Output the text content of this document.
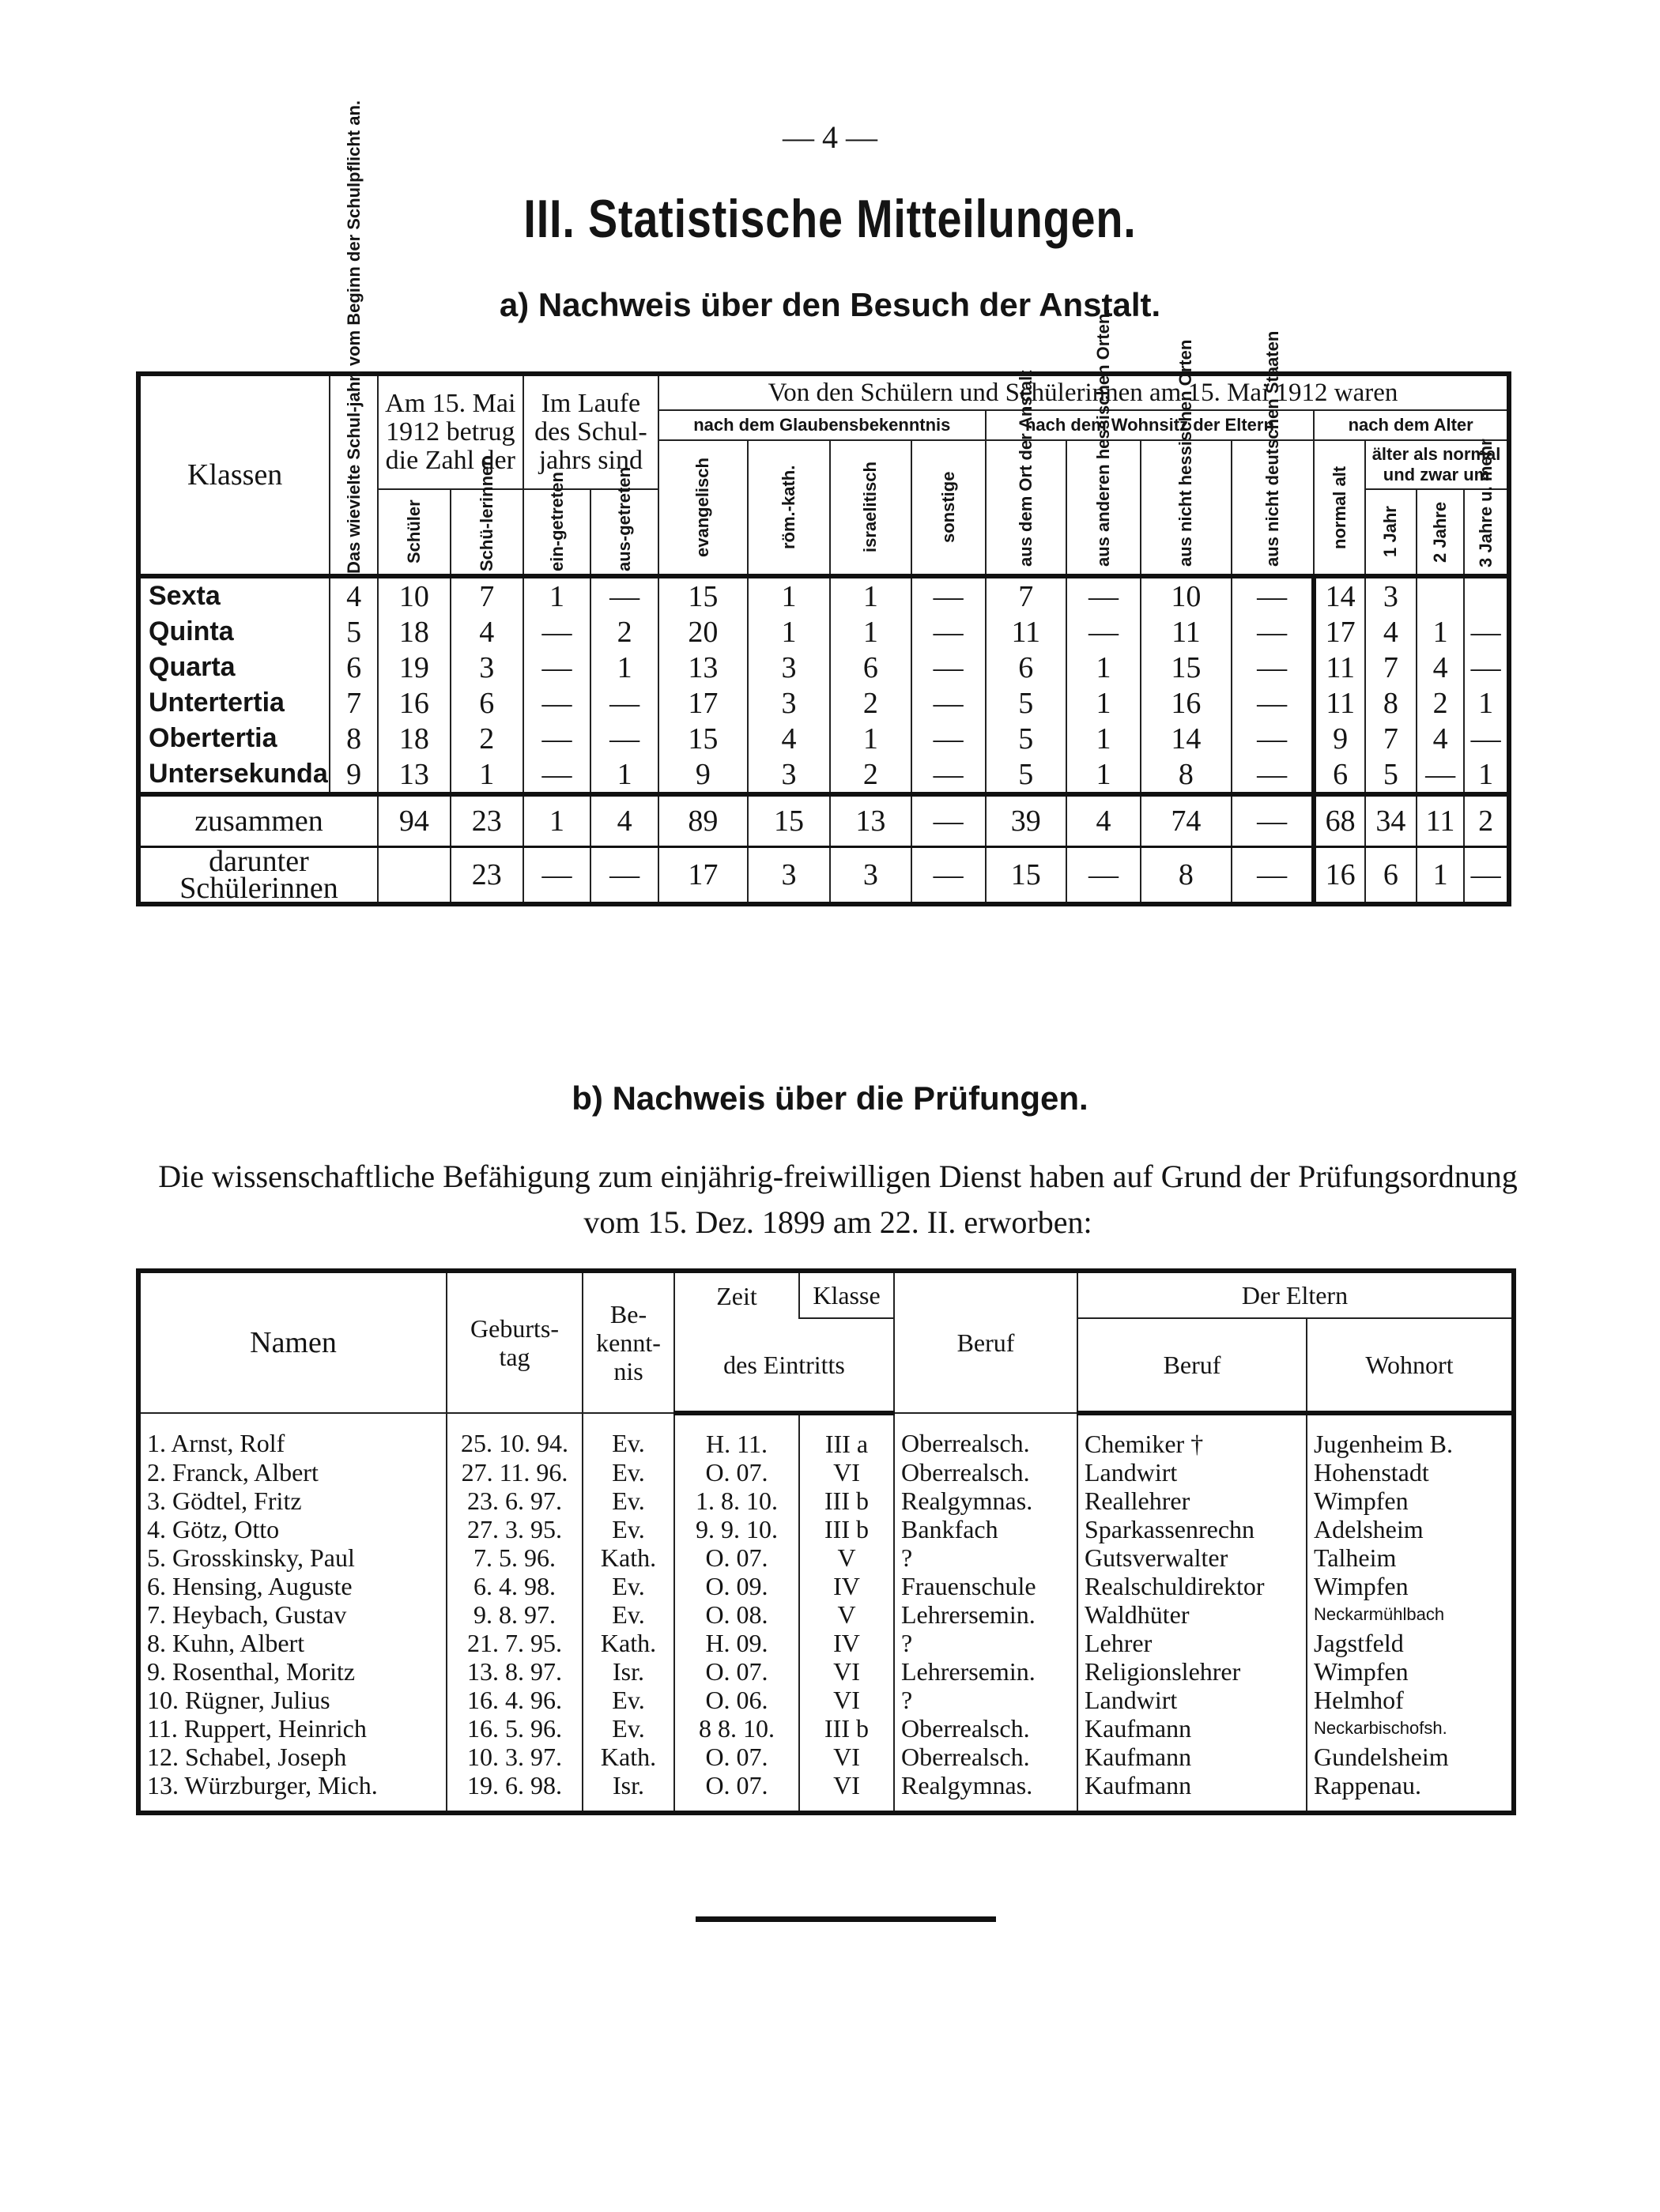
— 4 —
III. Statistische Mitteilungen.
a) Nachweis über den Besuch der Anstalt.
Klassen	Das wievielte Schul-jahr, vom Beginn der Schulpflicht an.	Am 15. Mai 1912 betrug die Zahl der		Im Laufe des Schul-jahrs sind		Von den Schülern und Schülerinnen am 15. Mai 1912 waren											
						nach dem Glaubensbekenntnis				nach dem Wohnsitz der Eltern				nach dem Alter			

						evangelisch	röm.-kath.	israelitisch	sonstige	aus dem Ort der Anstalt	aus anderen hessischen Orten.	aus nicht hessischen Orten	aus nicht deutschen Staaten	normal alt	älter als normal und zwar um		

		Schüler	Schü-lerinnen	ein-getreten	aus-getreten										1 Jahr	2 Jahre	3 Jahre u. mehr

Sexta	4	10	7	1	—	15	1	1	—	7	—	10	—	14	3		
Quinta	5	18	4	—	2	20	1	1	—	11	—	11	—	17	4	1	—
Quarta	6	19	3	—	1	13	3	6	—	6	1	15	—	11	7	4	—
Untertertia	7	16	6	—	—	17	3	2	—	5	1	16	—	11	8	2	1
Obertertia	8	18	2	—	—	15	4	1	—	5	1	14	—	9	7	4	—
Untersekunda	9	13	1	—	1	9	3	2	—	5	1	8	—	6	5	—	1
zusammen		94	23	1	4	89	15	13	—	39	4	74	—	68	34	11	2
darunter Schülerinnen			23	—	—	17	3	3	—	15	—	8	—	16	6	1	—
b) Nachweis über die Prüfungen.
Die wissenschaftliche Befähigung zum einjährig-freiwilligen Dienst haben auf Grund der Prüfungsordnung vom 15. Dez. 1899 am 22. II. erworben:
Namen	Geburts-tag	Be-kennt-nis	Zeit	Klasse	Beruf	Der Eltern	
			des Eintritts			Beruf	Wohnort
1. Arnst, Rolf	25. 10. 94.	Ev.	H. 11.	III a	Oberrealsch.	Chemiker †	Jugenheim B.
2. Franck, Albert	27. 11. 96.	Ev.	O. 07.	VI	Oberrealsch.	Landwirt	Hohenstadt
3. Gödtel, Fritz	23. 6. 97.	Ev.	1. 8. 10.	III b	Realgymnas.	Reallehrer	Wimpfen
4. Götz, Otto	27. 3. 95.	Ev.	9. 9. 10.	III b	Bankfach	Sparkassenrechn	Adelsheim
5. Grosskinsky, Paul	7. 5. 96.	Kath.	O. 07.	V	?	Gutsverwalter	Talheim
6. Hensing, Auguste	6. 4. 98.	Ev.	O. 09.	IV	Frauenschule	Realschuldirektor	Wimpfen
7. Heybach, Gustav	9. 8. 97.	Ev.	O. 08.	V	Lehrersemin.	Waldhüter	Neckarmühlbach
8. Kuhn, Albert	21. 7. 95.	Kath.	H. 09.	IV	?	Lehrer	Jagstfeld
9. Rosenthal, Moritz	13. 8. 97.	Isr.	O. 07.	VI	Lehrersemin.	Religionslehrer	Wimpfen
10. Rügner, Julius	16. 4. 96.	Ev.	O. 06.	VI	?	Landwirt	Helmhof
11. Ruppert, Heinrich	16. 5. 96.	Ev.	8 8. 10.	III b	Oberrealsch.	Kaufmann	Neckarbischofsh.
12. Schabel, Joseph	10. 3. 97.	Kath.	O. 07.	VI	Oberrealsch.	Kaufmann	Gundelsheim
13. Würzburger, Mich.	19. 6. 98.	Isr.	O. 07.	VI	Realgymnas.	Kaufmann	Rappenau.
